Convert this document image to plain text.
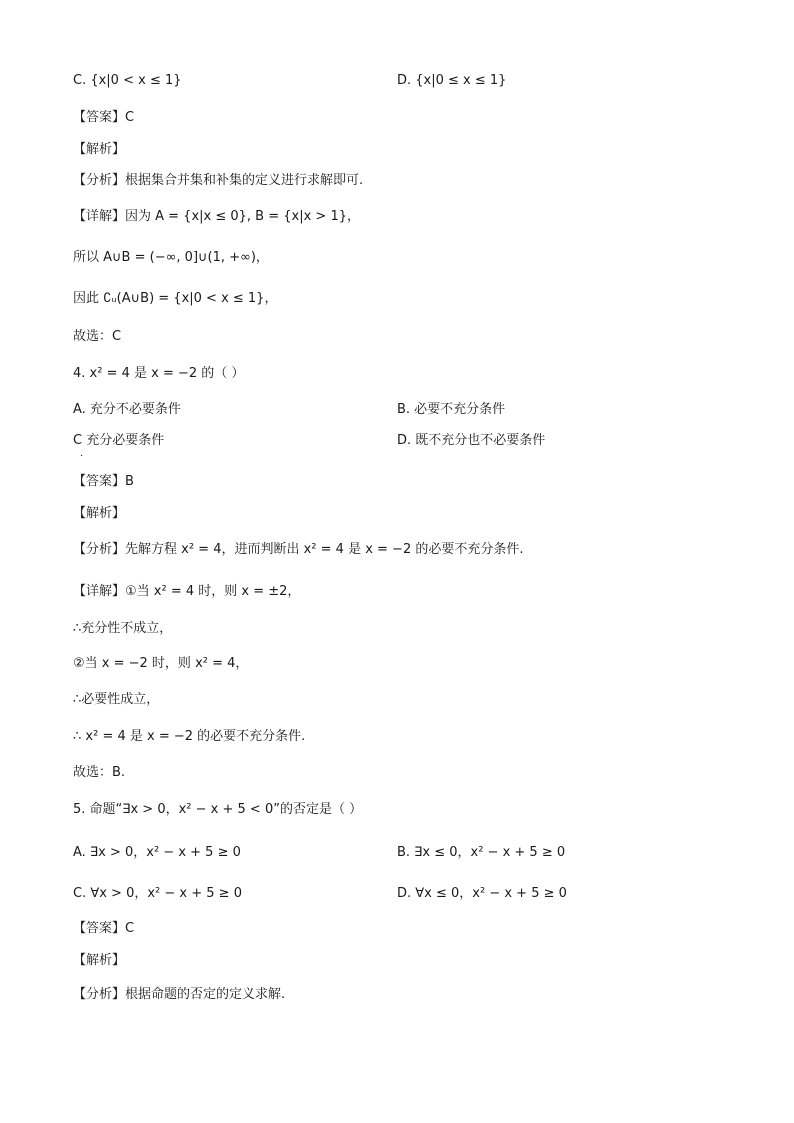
C. {x|0 < x ≤ 1}	D. {x|0 ≤ x ≤ 1}
【答案】C
【解析】
【分析】根据集合并集和补集的定义进行求解即可.
【详解】因为 A = {x|x ≤ 0}, B = {x|x > 1}，
所以 A∪B = (−∞, 0]∪(1, +∞)，
因此 ∁ᵤ(A∪B) = {x|0 < x ≤ 1}，
故选：C
4. x² = 4 是 x = −2 的（ ）
A. 充分不必要条件	B. 必要不充分条件
C 充分必要条件	D. 既不充分也不必要条件
·
【答案】B
【解析】
【分析】先解方程 x² = 4，进而判断出 x² = 4 是 x = −2 的必要不充分条件.
【详解】①当 x² = 4 时，则 x = ±2，
∴充分性不成立，
②当 x = −2 时，则 x² = 4，
∴必要性成立，
∴ x² = 4 是 x = −2 的必要不充分条件.
故选：B.
5. 命题“∃x > 0，x² − x + 5 < 0”的否定是（ ）
A. ∃x > 0，x² − x + 5 ≥ 0	B. ∃x ≤ 0，x² − x + 5 ≥ 0
C. ∀x > 0，x² − x + 5 ≥ 0	D. ∀x ≤ 0，x² − x + 5 ≥ 0
【答案】C
【解析】
【分析】根据命题的否定的定义求解.
